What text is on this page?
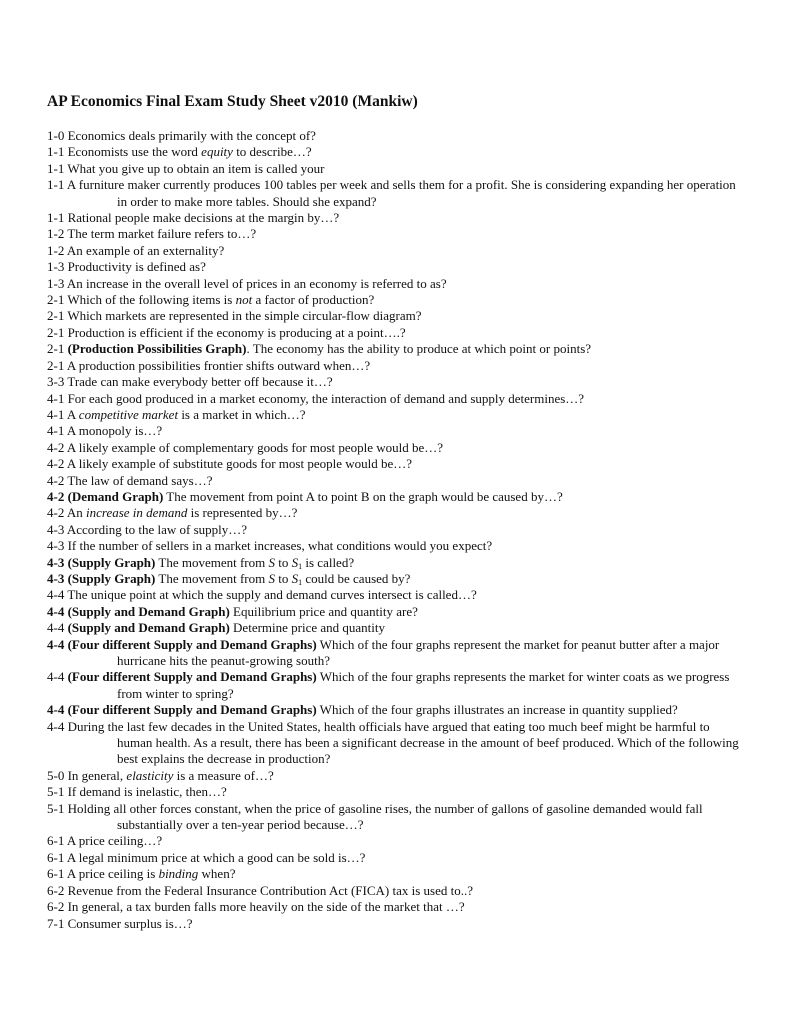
AP Economics Final Exam Study Sheet v2010 (Mankiw)
1-0 Economics deals primarily with the concept of?
1-1 Economists use the word equity to describe…?
1-1 What you give up to obtain an item is called your
1-1 A furniture maker currently produces 100 tables per week and sells them for a profit. She is considering expanding her operation in order to make more tables. Should she expand?
1-1 Rational people make decisions at the margin by…?
1-2 The term market failure refers to…?
1-2 An example of an externality?
1-3 Productivity is defined as?
1-3 An increase in the overall level of prices in an economy is referred to as?
2-1 Which of the following items is not a factor of production?
2-1 Which markets are represented in the simple circular-flow diagram?
2-1 Production is efficient if the economy is producing at a point….?
2-1 (Production Possibilities Graph). The economy has the ability to produce at which point or points?
2-1 A production possibilities frontier shifts outward when…?
3-3 Trade can make everybody better off because it…?
4-1 For each good produced in a market economy, the interaction of demand and supply determines…?
4-1 A competitive market is a market in which…?
4-1 A monopoly is…?
4-2 A likely example of complementary goods for most people would be…?
4-2 A likely example of substitute goods for most people would be…?
4-2 The law of demand says…?
4-2 (Demand Graph) The movement from point A to point B on the graph would be caused by…?
4-2 An increase in demand is represented by…?
4-3 According to the law of supply…?
4-3 If the number of sellers in a market increases, what conditions would you expect?
4-3 (Supply Graph) The movement from S to $S_1$ is called?
4-3 (Supply Graph) The movement from S to $S_1$ could be caused by?
4-4 The unique point at which the supply and demand curves intersect is called…?
4-4 (Supply and Demand Graph) Equilibrium price and quantity are?
4-4 (Supply and Demand Graph) Determine price and quantity
4-4 (Four different Supply and Demand Graphs) Which of the four graphs represent the market for peanut butter after a major hurricane hits the peanut-growing south?
4-4 (Four different Supply and Demand Graphs) Which of the four graphs represents the market for winter coats as we progress from winter to spring?
4-4 (Four different Supply and Demand Graphs) Which of the four graphs illustrates an increase in quantity supplied?
4-4 During the last few decades in the United States, health officials have argued that eating too much beef might be harmful to human health. As a result, there has been a significant decrease in the amount of beef produced. Which of the following best explains the decrease in production?
5-0 In general, elasticity is a measure of…?
5-1 If demand is inelastic, then…?
5-1 Holding all other forces constant, when the price of gasoline rises, the number of gallons of gasoline demanded would fall substantially over a ten-year period because…?
6-1 A price ceiling…?
6-1 A legal minimum price at which a good can be sold is…?
6-1 A price ceiling is binding when?
6-2 Revenue from the Federal Insurance Contribution Act (FICA) tax is used to..?
6-2 In general, a tax burden falls more heavily on the side of the market that …?
7-1 Consumer surplus is…?
